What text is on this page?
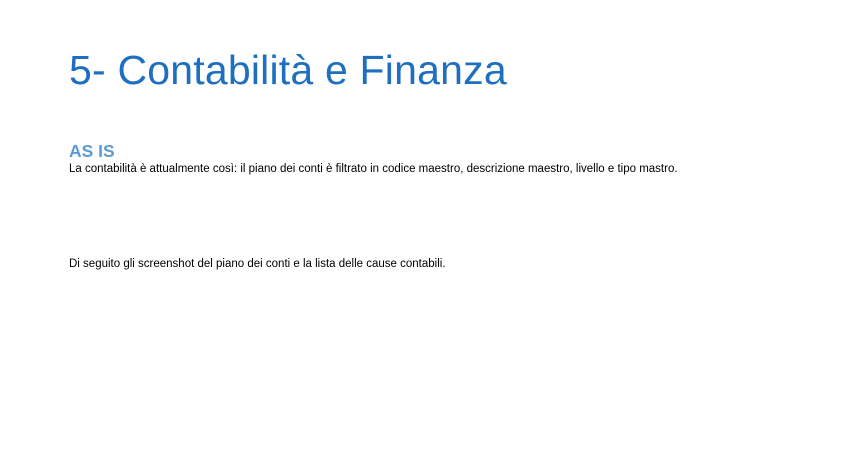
5- Contabilità e Finanza
AS IS

La contabilità è attualmente così: il piano dei conti è filtrato in codice maestro, descrizione maestro, livello e tipo mastro.

Di seguito gli screenshot del piano dei conti e la lista delle cause contabili.
